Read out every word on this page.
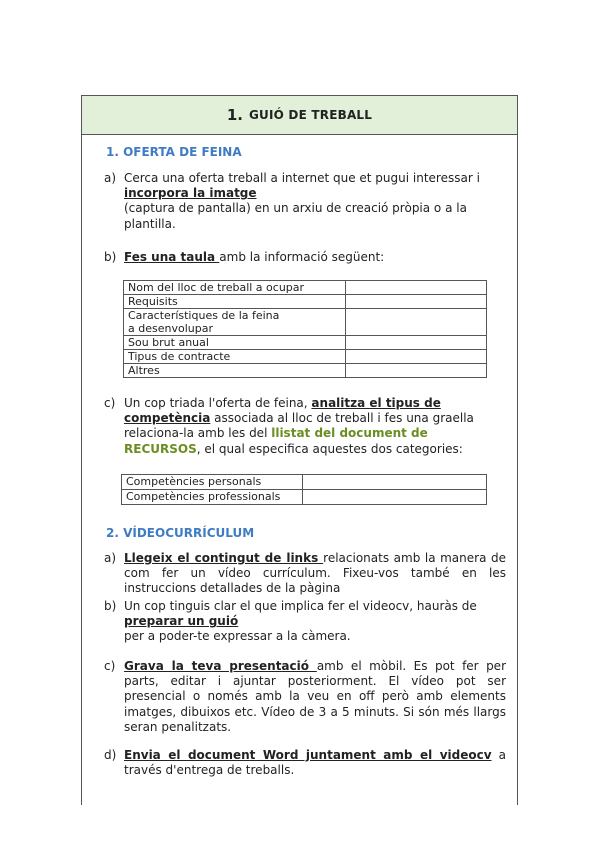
1. GUIÓ DE TREBALL
1. OFERTA DE FEINA
a) Cerca una oferta treball a internet que et pugui interessar i
incorpora la imatge
(captura de pantalla) en un arxiu de creació pròpia o a la plantilla.
b) Fes una taula amb la informació següent:
Nom del lloc de treball a ocupar	
Requisits	
Característiques de la feina a desenvolupar	
Sou brut anual	
Tipus de contracte	
Altres	
c) Un cop triada l'oferta de feina, analitza el tipus de competència associada al lloc de treball i fes una graella relaciona-la amb les del llistat del document de RECURSOS, el qual especifica aquestes dos categories:
Competències personals	
Competències professionals	
2. VÍDEOCURRÍCULUM
a) Llegeix el contingut de links relacionats amb la manera de com fer un vídeo currículum. Fixeu-vos també en les instruccions detallades de la pàgina
b) Un cop tinguis clar el que implica fer el videocv, hauràs de
preparar un guió
per a poder-te expressar a la càmera.
c) Grava la teva presentació amb el mòbil. Es pot fer per parts, editar i ajuntar posteriorment. El vídeo pot ser presencial o només amb la veu en off però amb elements imatges, dibuixos etc. Vídeo de 3 a 5 minuts. Si són més llargs seran penalitzats.
d) Envia el document Word juntament amb el videocv a través d'entrega de treballs.
